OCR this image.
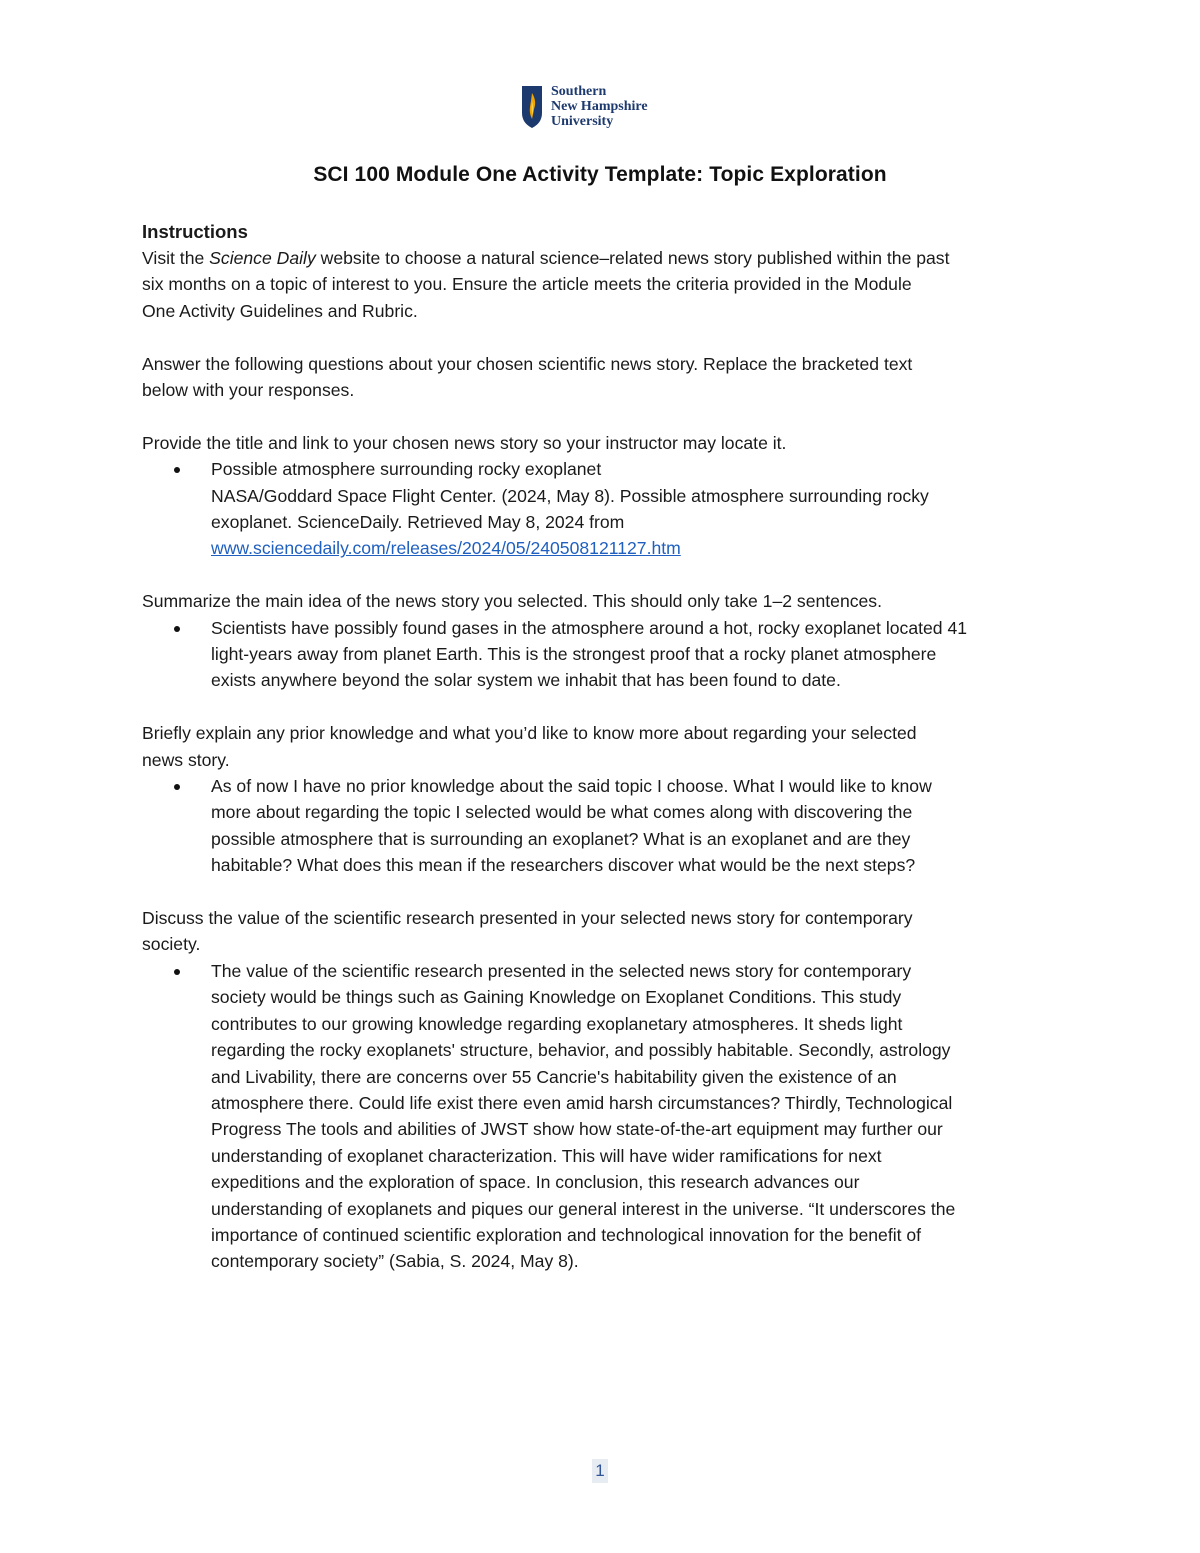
Southern
New Hampshire
University
SCI 100 Module One Activity Template: Topic Exploration

Instructions

Visit the Science Daily website to choose a natural science–related news story published within the past
six months on a topic of interest to you. Ensure the article meets the criteria provided in the Module
One Activity Guidelines and Rubric.

Answer the following questions about your chosen scientific news story. Replace the bracketed text
below with your responses.

Provide the title and link to your chosen news story so your instructor may locate it.

Possible atmosphere surrounding rocky exoplanet
NASA/Goddard Space Flight Center. (2024, May 8). Possible atmosphere surrounding rocky
exoplanet. ScienceDaily. Retrieved May 8, 2024 from
www.sciencedaily.com/releases/2024/05/240508121127.htm

Summarize the main idea of the news story you selected. This should only take 1–2 sentences.

Scientists have possibly found gases in the atmosphere around a hot, rocky exoplanet located 41
light-years away from planet Earth. This is the strongest proof that a rocky planet atmosphere
exists anywhere beyond the solar system we inhabit that has been found to date.

Briefly explain any prior knowledge and what you’d like to know more about regarding your selected
news story.

As of now I have no prior knowledge about the said topic I choose. What I would like to know
more about regarding the topic I selected would be what comes along with discovering the
possible atmosphere that is surrounding an exoplanet? What is an exoplanet and are they
habitable? What does this mean if the researchers discover what would be the next steps?

Discuss the value of the scientific research presented in your selected news story for contemporary
society.

The value of the scientific research presented in the selected news story for contemporary
society would be things such as Gaining Knowledge on Exoplanet Conditions. This study
contributes to our growing knowledge regarding exoplanetary atmospheres. It sheds light
regarding the rocky exoplanets' structure, behavior, and possibly habitable. Secondly, astrology
and Livability, there are concerns over 55 Cancrie's habitability given the existence of an
atmosphere there. Could life exist there even amid harsh circumstances? Thirdly, Technological
Progress The tools and abilities of JWST show how state-of-the-art equipment may further our
understanding of exoplanet characterization. This will have wider ramifications for next
expeditions and the exploration of space. In conclusion, this research advances our
understanding of exoplanets and piques our general interest in the universe. “It underscores the
importance of continued scientific exploration and technological innovation for the benefit of
contemporary society” (Sabia, S. 2024, May 8).
1
